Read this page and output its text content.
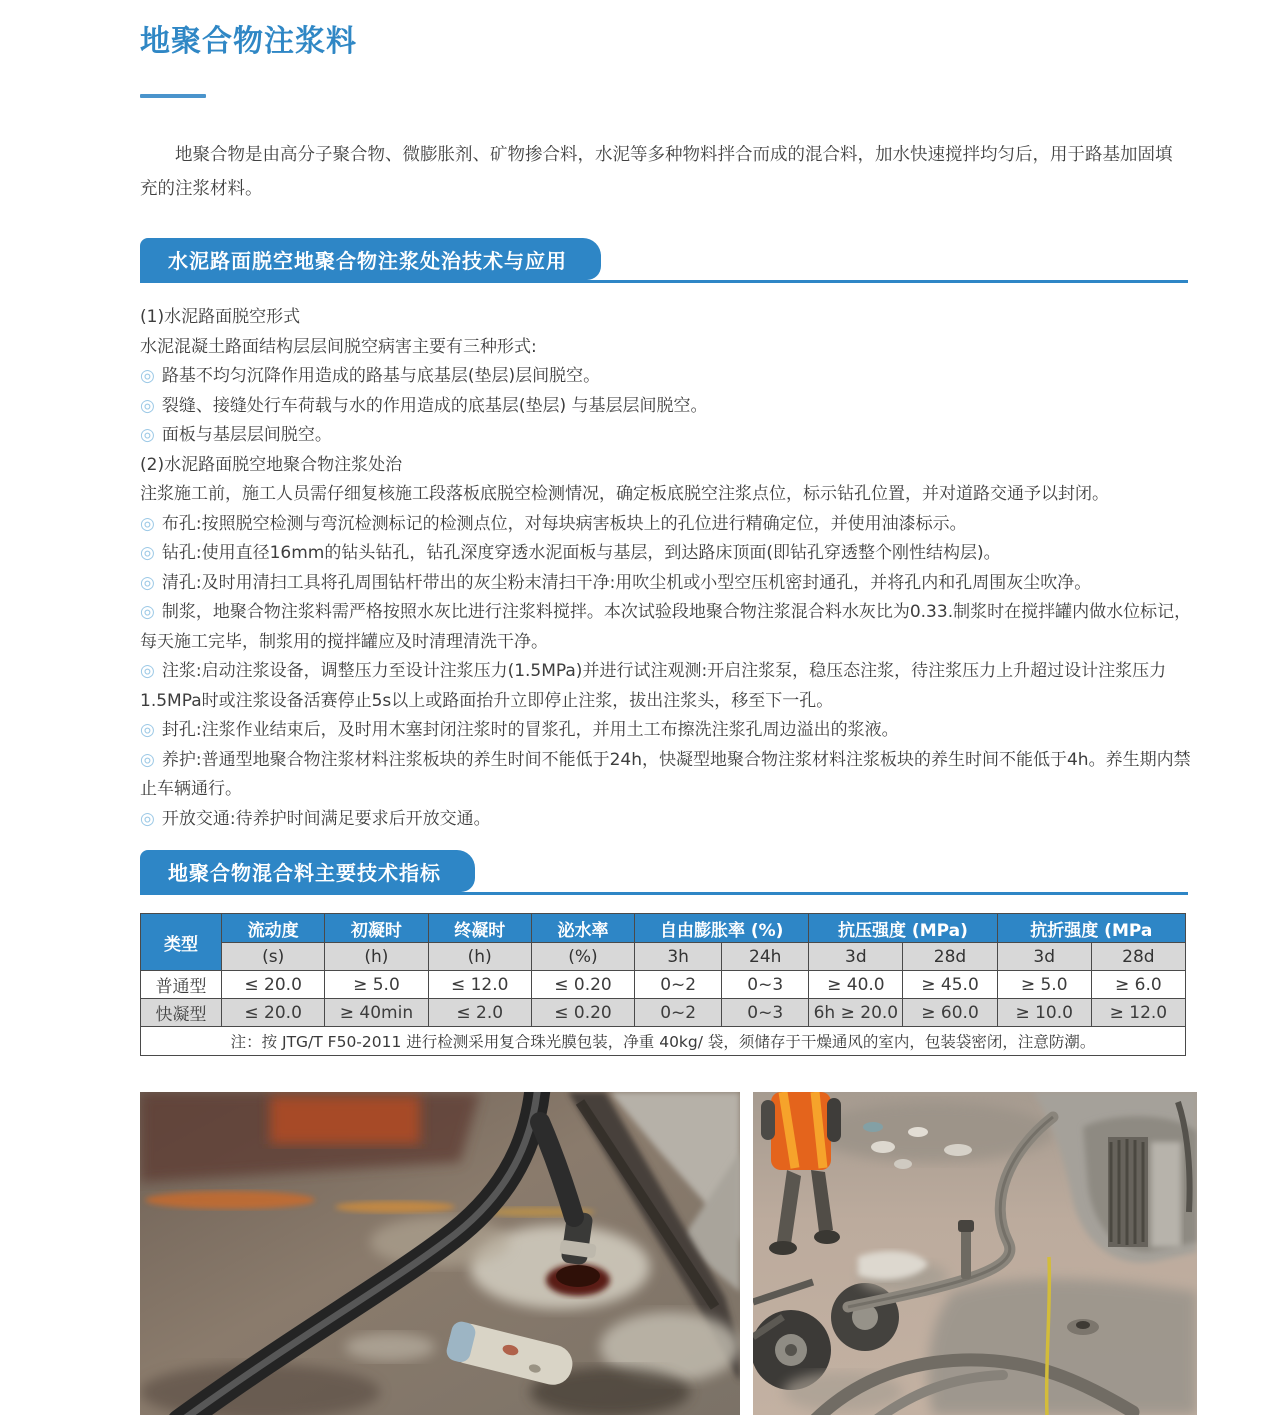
地聚合物注浆料

地聚合物是由高分子聚合物、微膨胀剂、矿物掺合料，水泥等多种物料拌合而成的混合料，加水快速搅拌均匀后，用于路基加固填充的注浆材料。

水泥路面脱空地聚合物注浆处治技术与应用

(1)水泥路面脱空形式

水泥混凝土路面结构层层间脱空病害主要有三种形式:

◎ 路基不均匀沉降作用造成的路基与底基层(垫层)层间脱空。

◎ 裂缝、接缝处行车荷载与水的作用造成的底基层(垫层) 与基层层间脱空。

◎ 面板与基层层间脱空。

(2)水泥路面脱空地聚合物注浆处治

注浆施工前，施工人员需仔细复核施工段落板底脱空检测情况，确定板底脱空注浆点位，标示钻孔位置，并对道路交通予以封闭。

◎ 布孔:按照脱空检测与弯沉检测标记的检测点位，对每块病害板块上的孔位进行精确定位，并使用油漆标示。

◎ 钻孔:使用直径16mm的钻头钻孔，钻孔深度穿透水泥面板与基层，到达路床顶面(即钻孔穿透整个刚性结构层)。

◎ 清孔:及时用清扫工具将孔周围钻杆带出的灰尘粉末清扫干净:用吹尘机或小型空压机密封通孔，并将孔内和孔周围灰尘吹净。

◎ 制浆，地聚合物注浆料需严格按照水灰比进行注浆料搅拌。本次试验段地聚合物注浆混合料水灰比为0.33.制浆时在搅拌罐内做水位标记，每天施工完毕，制浆用的搅拌罐应及时清理清洗干净。

◎ 注浆:启动注浆设备，调整压力至设计注浆压力(1.5MPa)并进行试注观测:开启注浆泵，稳压态注浆，待注浆压力上升超过设计注浆压力1.5MPa时或注浆设备活赛停止5s以上或路面抬升立即停止注浆，拔出注浆头，移至下一孔。

◎ 封孔:注浆作业结束后，及时用木塞封闭注浆时的冒浆孔，并用土工布擦洗注浆孔周边溢出的浆液。

◎ 养护:普通型地聚合物注浆材料注浆板块的养生时间不能低于24h，快凝型地聚合物注浆材料注浆板块的养生时间不能低于4h。养生期内禁止车辆通行。

◎ 开放交通:待养护时间满足要求后开放交通。

地聚合物混合料主要技术指标
类型	流动度	初凝时	终凝时	泌水率	自由膨胀率 (%)		抗压强度 (MPa)		抗折强度 (MPa	
	(s)	(h)	(h)	(%)	3h	24h	3d	28d	3d	28d
普通型	≤ 20.0	≥ 5.0	≤ 12.0	≤ 0.20	0~2	0~3	≥ 40.0	≥ 45.0	≥ 5.0	≥ 6.0
快凝型	≤ 20.0	≥ 40min	≤ 2.0	≤ 0.20	0~2	0~3	6h ≥ 20.0	≥ 60.0	≥ 10.0	≥ 12.0
注：按 JTG/T F50-2011 进行检测采用复合珠光膜包装，净重 40kg/ 袋，须储存于干燥通风的室内，包装袋密闭，注意防潮。										
